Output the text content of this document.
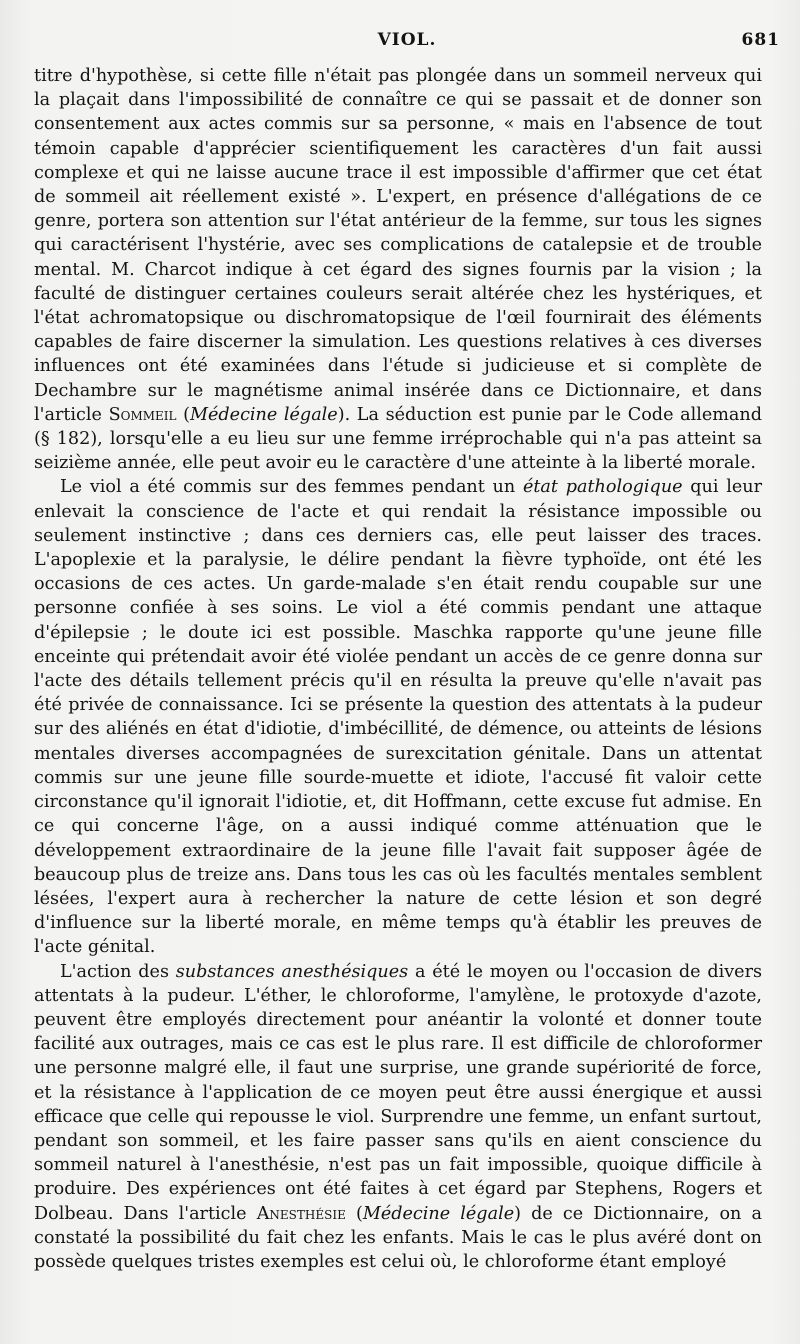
VIOL.	681

titre d'hypothèse, si cette fille n'était pas plongée dans un sommeil nerveux qui la plaçait dans l'impossibilité de connaître ce qui se passait et de donner son consentement aux actes commis sur sa personne, « mais en l'absence de tout témoin capable d'apprécier scientifiquement les caractères d'un fait aussi complexe et qui ne laisse aucune trace il est impossible d'affirmer que cet état de sommeil ait réellement existé ». L'expert, en présence d'allégations de ce genre, portera son attention sur l'état antérieur de la femme, sur tous les signes qui caractérisent l'hystérie, avec ses complications de catalepsie et de trouble mental. M. Charcot indique à cet égard des signes fournis par la vision ; la faculté de distinguer certaines couleurs serait altérée chez les hystériques, et l'état achromatopsique ou dischromatopsique de l'œil fournirait des éléments capables de faire discerner la simulation. Les questions relatives à ces diverses influences ont été examinées dans l'étude si judicieuse et si complète de Dechambre sur le magnétisme animal insérée dans ce Dictionnaire, et dans l'article Sommeil (Médecine légale). La séduction est punie par le Code allemand (§ 182), lorsqu'elle a eu lieu sur une femme irréprochable qui n'a pas atteint sa seizième année, elle peut avoir eu le caractère d'une atteinte à la liberté morale.

Le viol a été commis sur des femmes pendant un état pathologique qui leur enlevait la conscience de l'acte et qui rendait la résistance impossible ou seulement instinctive ; dans ces derniers cas, elle peut laisser des traces. L'apoplexie et la paralysie, le délire pendant la fièvre typhoïde, ont été les occasions de ces actes. Un garde-malade s'en était rendu coupable sur une personne confiée à ses soins. Le viol a été commis pendant une attaque d'épilepsie ; le doute ici est possible. Maschka rapporte qu'une jeune fille enceinte qui prétendait avoir été violée pendant un accès de ce genre donna sur l'acte des détails tellement précis qu'il en résulta la preuve qu'elle n'avait pas été privée de connaissance. Ici se présente la question des attentats à la pudeur sur des aliénés en état d'idiotie, d'imbécillité, de démence, ou atteints de lésions mentales diverses accompagnées de surexcitation génitale. Dans un attentat commis sur une jeune fille sourde-muette et idiote, l'accusé fit valoir cette circonstance qu'il ignorait l'idiotie, et, dit Hoffmann, cette excuse fut admise. En ce qui concerne l'âge, on a aussi indiqué comme atténuation que le développement extraordinaire de la jeune fille l'avait fait supposer âgée de beaucoup plus de treize ans. Dans tous les cas où les facultés mentales semblent lésées, l'expert aura à rechercher la nature de cette lésion et son degré d'influence sur la liberté morale, en même temps qu'à établir les preuves de l'acte génital.

L'action des substances anesthésiques a été le moyen ou l'occasion de divers attentats à la pudeur. L'éther, le chloroforme, l'amylène, le protoxyde d'azote, peuvent être employés directement pour anéantir la volonté et donner toute facilité aux outrages, mais ce cas est le plus rare. Il est difficile de chloroformer une personne malgré elle, il faut une surprise, une grande supériorité de force, et la résistance à l'application de ce moyen peut être aussi énergique et aussi efficace que celle qui repousse le viol. Surprendre une femme, un enfant surtout, pendant son sommeil, et les faire passer sans qu'ils en aient conscience du sommeil naturel à l'anesthésie, n'est pas un fait impossible, quoique difficile à produire. Des expériences ont été faites à cet égard par Stephens, Rogers et Dolbeau. Dans l'article Anesthésie (Médecine légale) de ce Dictionnaire, on a constaté la possibilité du fait chez les enfants. Mais le cas le plus avéré dont on possède quelques tristes exemples est celui où, le chloroforme étant employé
